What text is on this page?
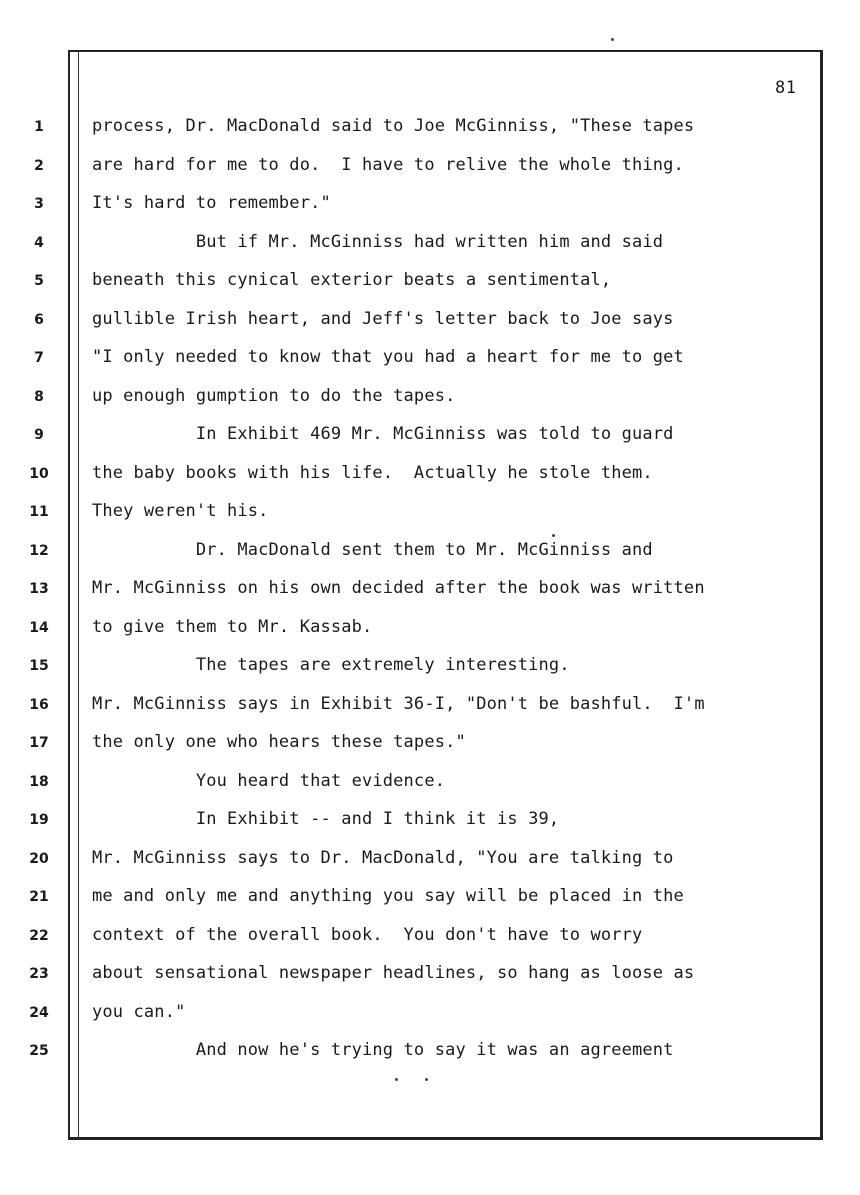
81
1	process, Dr. MacDonald said to Joe McGinniss, "These tapes
2	are hard for me to do.  I have to relive the whole thing.
3	It's hard to remember."
4	But if Mr. McGinniss had written him and said
5	beneath this cynical exterior beats a sentimental,
6	gullible Irish heart, and Jeff's letter back to Joe says
7	"I only needed to know that you had a heart for me to get
8	up enough gumption to do the tapes.
9	In Exhibit 469 Mr. McGinniss was told to guard
10	the baby books with his life.  Actually he stole them.
11	They weren't his.
12	Dr. MacDonald sent them to Mr. McGinniss and
13	Mr. McGinniss on his own decided after the book was written
14	to give them to Mr. Kassab.
15	The tapes are extremely interesting.
16	Mr. McGinniss says in Exhibit 36-I, "Don't be bashful.  I'm
17	the only one who hears these tapes."
18	You heard that evidence.
19	In Exhibit -- and I think it is 39,
20	Mr. McGinniss says to Dr. MacDonald, "You are talking to
21	me and only me and anything you say will be placed in the
22	context of the overall book.  You don't have to worry
23	about sensational newspaper headlines, so hang as loose as
24	you can."
25	And now he's trying to say it was an agreement
